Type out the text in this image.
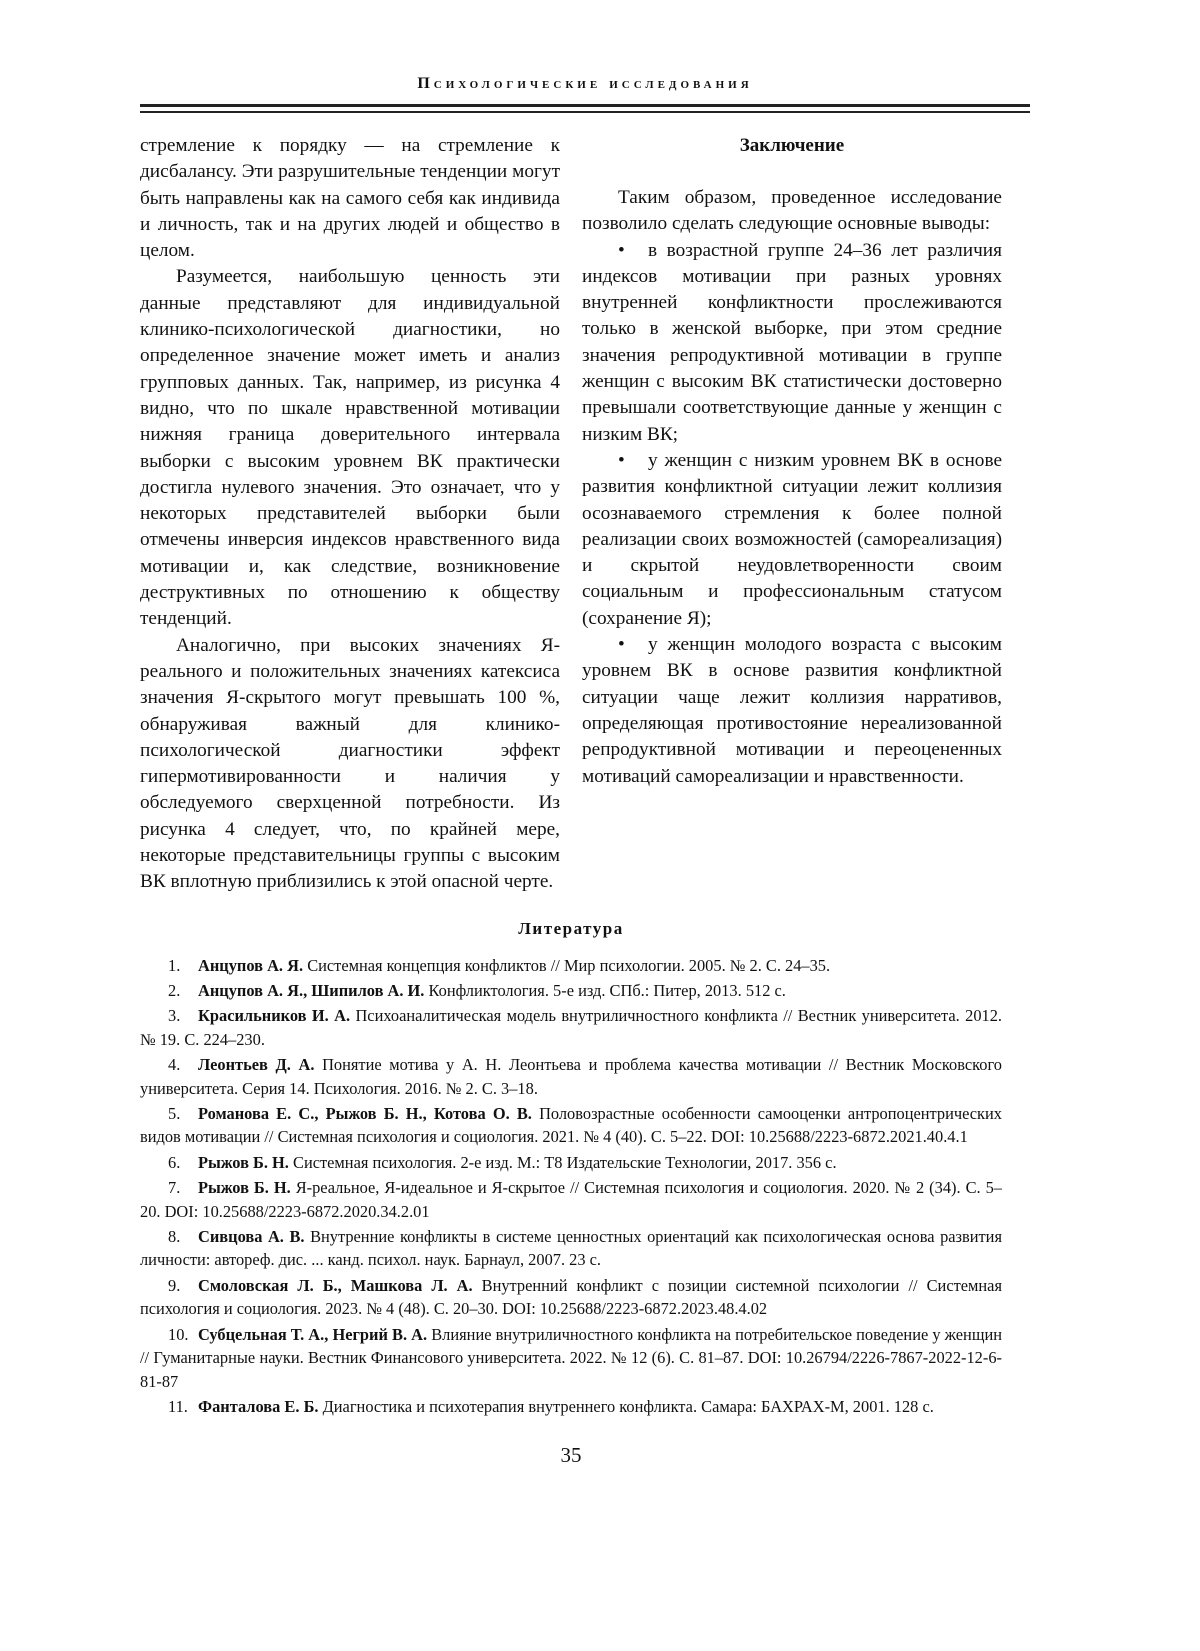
Психологические исследования

стремление к порядку — на стремление к дисбалансу. Эти разрушительные тенденции могут быть направлены как на самого себя как индивида и личность, так и на других людей и общество в целом.

Разумеется, наибольшую ценность эти данные представляют для индивидуальной клинико-психологической диагностики, но определенное значение может иметь и анализ групповых данных. Так, например, из рисунка 4 видно, что по шкале нравственной мотивации нижняя граница доверительного интервала выборки с высоким уровнем ВК практически достигла нулевого значения. Это означает, что у некоторых представителей выборки были отмечены инверсия индексов нравственного вида мотивации и, как следствие, возникновение деструктивных по отношению к обществу тенденций.

Аналогично, при высоких значениях Я-реального и положительных значениях катексиса значения Я-скрытого могут превышать 100 %, обнаруживая важный для клинико-психологической диагностики эффект гипермотивированности и наличия у обследуемого сверхценной потребности. Из рисунка 4 следует, что, по крайней мере, некоторые представительницы группы с высоким ВК вплотную приблизились к этой опасной черте.

Заключение

Таким образом, проведенное исследование позволило сделать следующие основные выводы:

• в возрастной группе 24–36 лет различия индексов мотивации при разных уровнях внутренней конфликтности прослеживаются только в женской выборке, при этом средние значения репродуктивной мотивации в группе женщин с высоким ВК статистически достоверно превышали соответствующие данные у женщин с низким ВК;

• у женщин с низким уровнем ВК в основе развития конфликтной ситуации лежит коллизия осознаваемого стремления к более полной реализации своих возможностей (самореализация) и скрытой неудовлетворенности своим социальным и профессиональным статусом (сохранение Я);

• у женщин молодого возраста с высоким уровнем ВК в основе развития конфликтной ситуации чаще лежит коллизия нарративов, определяющая противостояние нереализованной репродуктивной мотивации и переоцененных мотиваций самореализации и нравственности.

Литература

1. Анцупов А. Я. Системная концепция конфликтов // Мир психологии. 2005. № 2. С. 24–35.

2. Анцупов А. Я., Шипилов А. И. Конфликтология. 5-е изд. СПб.: Питер, 2013. 512 с.

3. Красильников И. А. Психоаналитическая модель внутриличностного конфликта // Вестник университета. 2012. № 19. С. 224–230.

4. Леонтьев Д. А. Понятие мотива у А. Н. Леонтьева и проблема качества мотивации // Вестник Московского университета. Серия 14. Психология. 2016. № 2. С. 3–18.

5. Романова Е. С., Рыжов Б. Н., Котова О. В. Половозрастные особенности самооценки антропоцентрических видов мотивации // Системная психология и социология. 2021. № 4 (40). С. 5–22. DOI: 10.25688/2223-6872.2021.40.4.1

6. Рыжов Б. Н. Системная психология. 2-е изд. М.: Т8 Издательские Технологии, 2017. 356 с.

7. Рыжов Б. Н. Я-реальное, Я-идеальное и Я-скрытое // Системная психология и социология. 2020. № 2 (34). С. 5–20. DOI: 10.25688/2223-6872.2020.34.2.01

8. Сивцова А. В. Внутренние конфликты в системе ценностных ориентаций как психологическая основа развития личности: автореф. дис. ... канд. психол. наук. Барнаул, 2007. 23 с.

9. Смоловская Л. Б., Машкова Л. А. Внутренний конфликт с позиции системной психологии // Системная психология и социология. 2023. № 4 (48). С. 20–30. DOI: 10.25688/2223-6872.2023.48.4.02

10. Субцельная Т. А., Негрий В. А. Влияние внутриличностного конфликта на потребительское поведение у женщин // Гуманитарные науки. Вестник Финансового университета. 2022. № 12 (6). С. 81–87. DOI: 10.26794/2226-7867-2022-12-6-81-87

11. Фанталова Е. Б. Диагностика и психотерапия внутреннего конфликта. Самара: БАХРАХ-М, 2001. 128 с.

35
